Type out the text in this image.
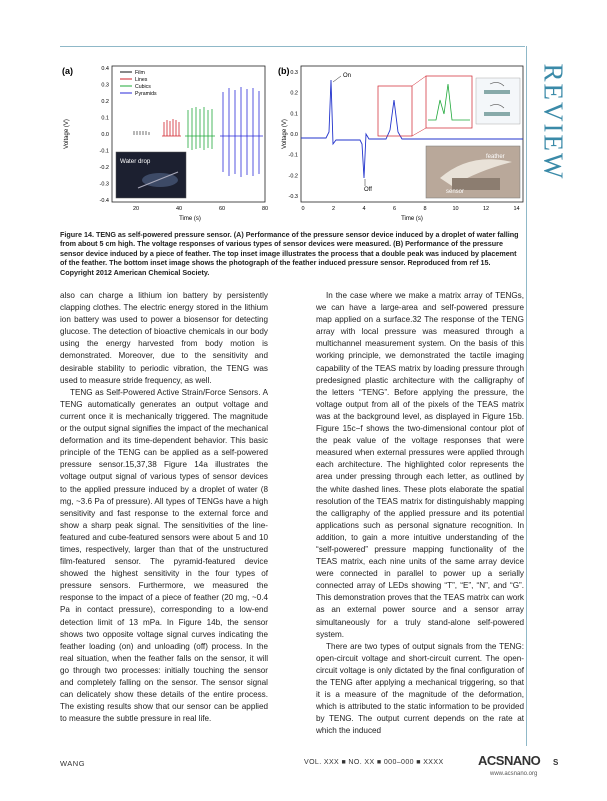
REVIEW
(a)	0.4
0.3
0.2
0.1
0.0
-0.1
-0.2
-0.3
-0.4
20	40	60	80
Voltage (V)
Time (s)
Film
Lines
Cubics
Pyramids
Water drop
(b) 0.3
0.2
0.1
0.0
-0.1
-0.2
-0.3
0	2	4	6	8	10	12	14
Voltage (V)
Time (s)
On
Off
feather
sensor
Figure 14. TENG as self-powered pressure sensor. (A) Performance of the pressure sensor device induced by a droplet of water falling from about 5 cm high. The voltage responses of various types of sensor devices were measured. (B) Performance of the pressure sensor device induced by a piece of feather. The top inset image illustrates the process that a double peak was induced by placement of the feather. The bottom inset image shows the photograph of the feather induced pressure sensor. Reproduced from ref 15. Copyright 2012 American Chemical Society.

also can charge a lithium ion battery by persistently clapping clothes. The electric energy stored in the lithium ion battery was used to power a biosensor for detecting glucose. The detection of bioactive chemicals in our body using the energy harvested from body motion is demonstrated. Moreover, due to the sensitivity and desirable stability to periodic vibration, the TENG was used to measure stride frequency, as well.

TENG as Self-Powered Active Strain/Force Sensors. A TENG automatically generates an output voltage and current once it is mechanically triggered. The magnitude or the output signal signifies the impact of the mechanical deformation and its time-dependent behavior. This basic principle of the TENG can be applied as a self-powered pressure sensor.15,37,38 Figure 14a illustrates the voltage output signal of various types of sensor devices to the applied pressure induced by a droplet of water (8 mg, ~3.6 Pa of pressure). All types of TENGs have a high sensitivity and fast response to the external force and show a sharp peak signal. The sensitivities of the line-featured and cube-featured sensors were about 5 and 10 times, respectively, larger than that of the unstructured film-featured sensor. The pyramid-featured device showed the highest sensitivity in the four types of pressure sensors. Furthermore, we measured the response to the impact of a piece of feather (20 mg, ~0.4 Pa in contact pressure), corresponding to a low-end detection limit of 13 mPa. In Figure 14b, the sensor shows two opposite voltage signal curves indicating the feather loading (on) and unloading (off) process. In the real situation, when the feather falls on the sensor, it will go through two processes: initially touching the sensor and completely falling on the sensor. The sensor signal can delicately show these details of the entire process. The existing results show that our sensor can be applied to measure the subtle pressure in real life.

In the case where we make a matrix array of TENGs, we can have a large-area and self-powered pressure map applied on a surface.32 The response of the TENG array with local pressure was measured through a multichannel measurement system. On the basis of this working principle, we demonstrated the tactile imaging capability of the TEAS matrix by loading pressure through predesigned plastic architecture with the calligraphy of the letters “TENG”. Before applying the pressure, the voltage output from all of the pixels of the TEAS matrix was at the background level, as displayed in Figure 15b. Figure 15c−f shows the two-dimensional contour plot of the peak value of the voltage responses that were measured when external pressures were applied through each architecture. The highlighted color represents the area under pressing through each letter, as outlined by the white dashed lines. These plots elaborate the spatial resolution of the TEAS matrix for distinguishably mapping the calligraphy of the applied pressure and its potential applications such as personal signature recognition. In addition, to gain a more intuitive understanding of the “self-powered” pressure mapping functionality of the TEAS matrix, each nine units of the same array device were connected in parallel to power up a serially connected array of LEDs showing “T”, “E”, “N”, and “G”. This demonstration proves that the TEAS matrix can work as an external power source and a sensor array simultaneously for a truly stand-alone self-powered system.

There are two types of output signals from the TENG: open-circuit voltage and short-circuit current. The open-circuit voltage is only dictated by the final configuration of the TENG after applying a mechanical triggering, so that it is a measure of the magnitude of the deformation, which is attributed to the static information to be provided by TENG. The output current depends on the rate at which the induced

WANG	VOL. XXX ■ NO. XX ■ 000–000 ■ XXXX	ACSNANO S
www.acsnano.org
